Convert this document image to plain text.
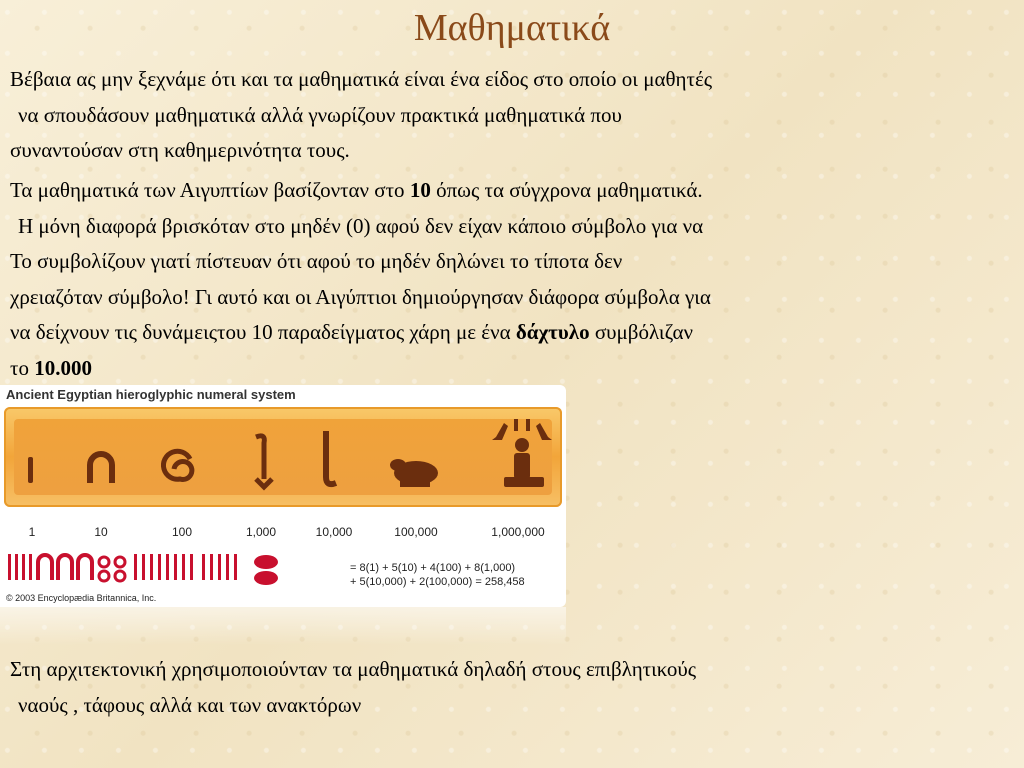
Μαθηματικά

Βέβαια ας μην ξεχνάμε ότι και τα μαθηματικά είναι ένα είδος στο οποίο οι μαθητές
να σπουδάσουν μαθηματικά αλλά γνωρίζουν πρακτικά μαθηματικά που
συναντούσαν στη καθημερινότητα τους.

Τα μαθηματικά των Αιγυπτίων βασίζονταν στο 10 όπως τα σύγχρονα μαθηματικά.
Η μόνη διαφορά βρισκόταν στο μηδέν (0) αφού δεν είχαν κάποιο σύμβολο για να
Το συμβολίζουν γιατί πίστευαν ότι αφού το μηδέν δηλώνει το τίποτα δεν
χρειαζόταν σύμβολο! Γι αυτό και οι Αιγύπτιοι δημιούργησαν διάφορα σύμβολα για
να δείχνουν τις δυνάμειςτου 10 παραδείγματος χάρη με ένα δάχτυλο συμβόλιζαν
το 10.000

Ancient Egyptian hieroglyphic numeral system
1	10	100	1,000	10,000	100,000	1,000,000
= 8(1) + 5(10) + 4(100) + 8(1,000)
+ 5(10,000) + 2(100,000) = 258,458
© 2003 Encyclopædia Britannica, Inc.

Στη αρχιτεκτονική χρησιμοποιούνταν τα μαθηματικά δηλαδή στους επιβλητικούς
ναούς , τάφους αλλά και των ανακτόρων
